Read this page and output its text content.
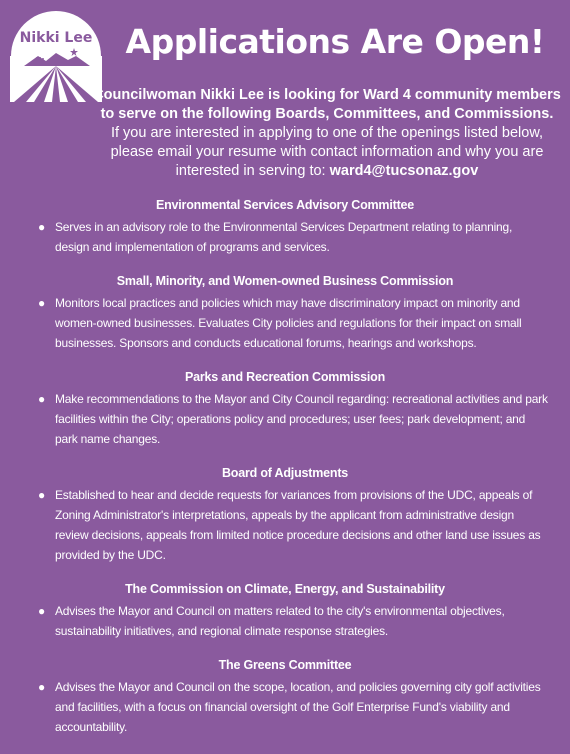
Nikki Lee	Applications Are Open!
Councilwoman Nikki Lee is looking for Ward 4 community members to serve on the following Boards, Committees, and Commissions.
If you are interested in applying to one of the openings listed below, please email your resume with contact information and why you are interested in serving to: ward4@tucsonaz.gov
Environmental Services Advisory Committee
● Serves in an advisory role to the Environmental Services Department relating to planning, design and implementation of programs and services.
Small, Minority, and Women-owned Business Commission
● Monitors local practices and policies which may have discriminatory impact on minority and women-owned businesses. Evaluates City policies and regulations for their impact on small businesses. Sponsors and conducts educational forums, hearings and workshops.
Parks and Recreation Commission
● Make recommendations to the Mayor and City Council regarding: recreational activities and park facilities within the City; operations policy and procedures; user fees; park development; and park name changes.
Board of Adjustments
● Established to hear and decide requests for variances from provisions of the UDC, appeals of Zoning Administrator's interpretations, appeals by the applicant from administrative design review decisions, appeals from limited notice procedure decisions and other land use issues as provided by the UDC.
The Commission on Climate, Energy, and Sustainability
● Advises the Mayor and Council on matters related to the city's environmental objectives, sustainability initiatives, and regional climate response strategies.
The Greens Committee
● Advises the Mayor and Council on the scope, location, and policies governing city golf activities and facilities, with a focus on financial oversight of the Golf Enterprise Fund's viability and accountability.
